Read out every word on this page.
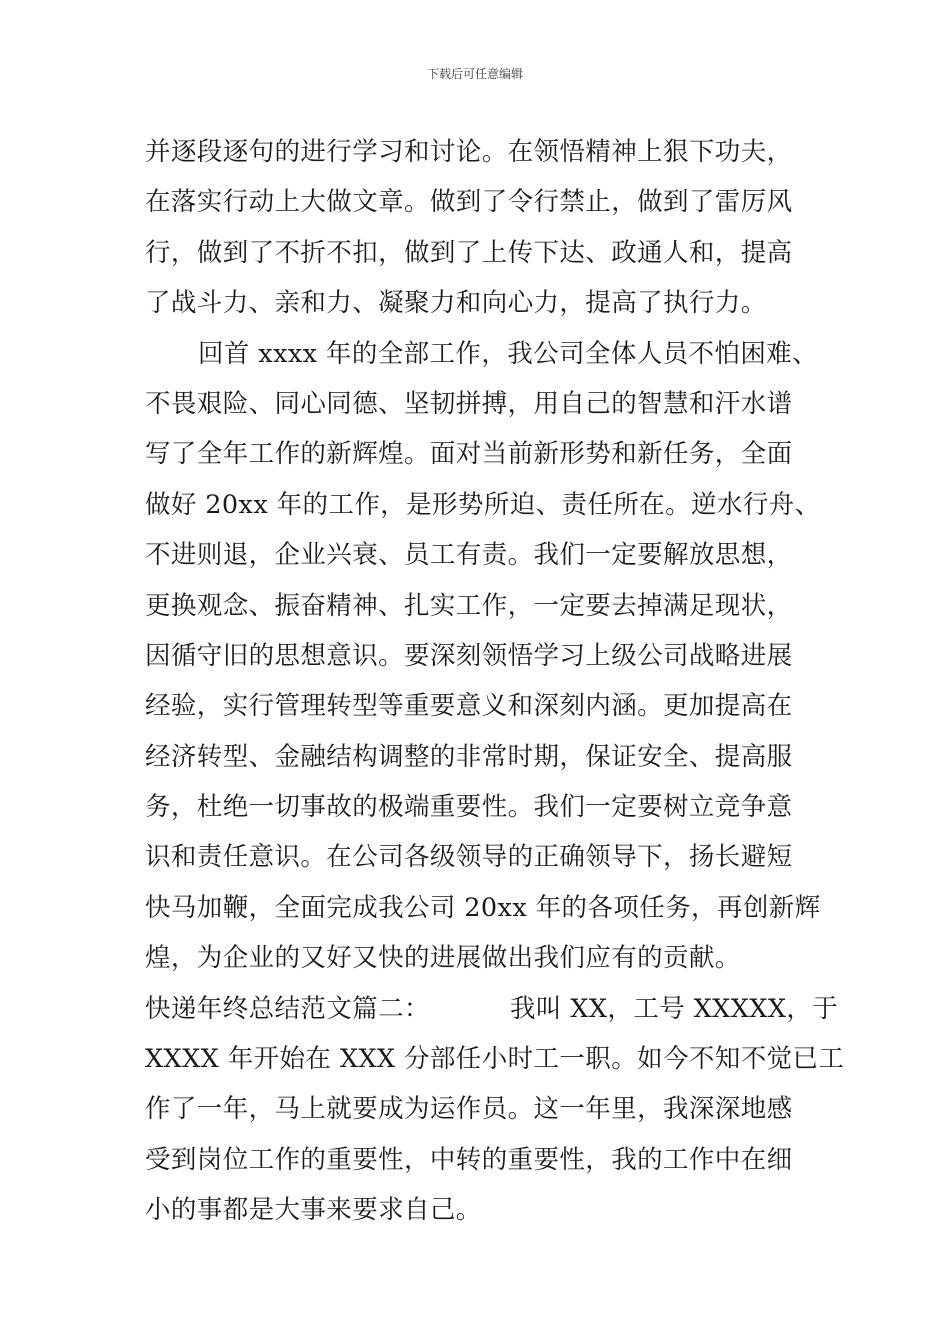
下载后可任意编辑
并逐段逐句的进行学习和讨论。在领悟精神上狠下功夫，
在落实行动上大做文章。做到了令行禁止，做到了雷厉风
行，做到了不折不扣，做到了上传下达、政通人和，提高
了战斗力、亲和力、凝聚力和向心力，提高了执行力。
回首 xxxx 年的全部工作，我公司全体人员不怕困难、
不畏艰险、同心同德、坚韧拼搏，用自己的智慧和汗水谱
写了全年工作的新辉煌。面对当前新形势和新任务，全面
做好 20xx 年的工作，是形势所迫、责任所在。逆水行舟、
不进则退，企业兴衰、员工有责。我们一定要解放思想，
更换观念、振奋精神、扎实工作，一定要去掉满足现状，
因循守旧的思想意识。要深刻领悟学习上级公司战略进展
经验，实行管理转型等重要意义和深刻内涵。更加提高在
经济转型、金融结构调整的非常时期，保证安全、提高服
务，杜绝一切事故的极端重要性。我们一定要树立竞争意
识和责任意识。在公司各级领导的正确领导下，扬长避短
快马加鞭，全面完成我公司 20xx 年的各项任务，再创新辉
煌，为企业的又好又快的进展做出我们应有的贡献。
快递年终总结范文篇二：	我叫 XX，工号 XXXXX，于
XXXX 年开始在 XXX 分部任小时工一职。如今不知不觉已工
作了一年，马上就要成为运作员。这一年里，我深深地感
受到岗位工作的重要性，中转的重要性，我的工作中在细
小的事都是大事来要求自己。
